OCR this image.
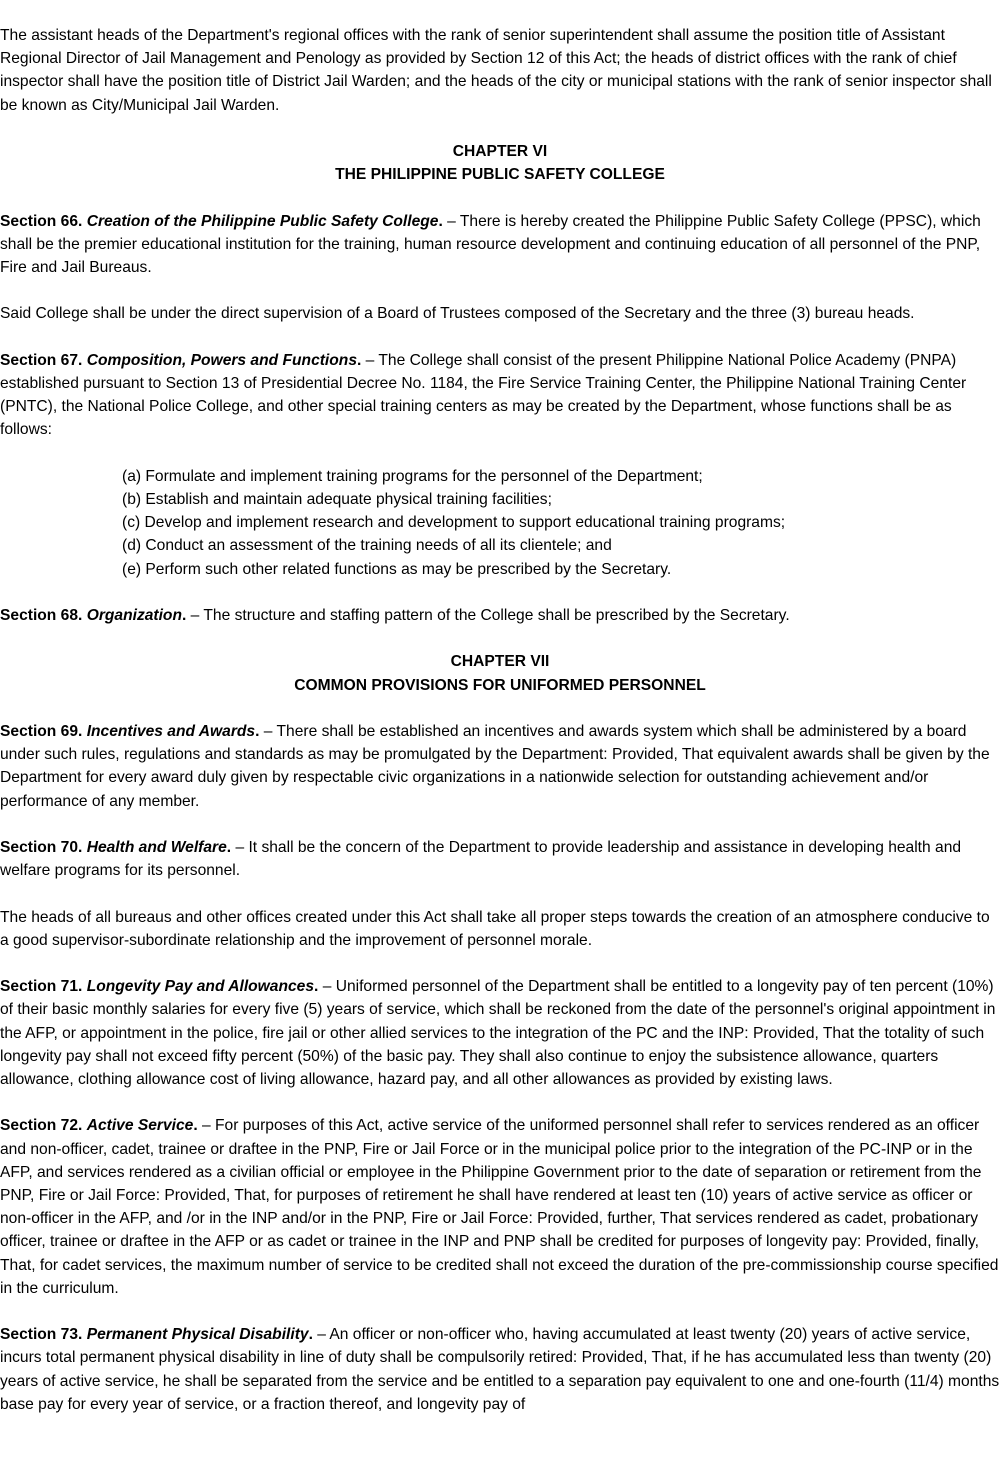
The assistant heads of the Department's regional offices with the rank of senior superintendent shall assume the position title of Assistant Regional Director of Jail Management and Penology as provided by Section 12 of this Act; the heads of district offices with the rank of chief inspector shall have the position title of District Jail Warden; and the heads of the city or municipal stations with the rank of senior inspector shall be known as City/Municipal Jail Warden.

CHAPTER VI
THE PHILIPPINE PUBLIC SAFETY COLLEGE

Section 66. Creation of the Philippine Public Safety College. – There is hereby created the Philippine Public Safety College (PPSC), which shall be the premier educational institution for the training, human resource development and continuing education of all personnel of the PNP, Fire and Jail Bureaus.

Said College shall be under the direct supervision of a Board of Trustees composed of the Secretary and the three (3) bureau heads.

Section 67. Composition, Powers and Functions. – The College shall consist of the present Philippine National Police Academy (PNPA) established pursuant to Section 13 of Presidential Decree No. 1184, the Fire Service Training Center, the Philippine National Training Center (PNTC), the National Police College, and other special training centers as may be created by the Department, whose functions shall be as follows:

(a) Formulate and implement training programs for the personnel of the Department;
(b) Establish and maintain adequate physical training facilities;
(c) Develop and implement research and development to support educational training programs;
(d) Conduct an assessment of the training needs of all its clientele; and
(e) Perform such other related functions as may be prescribed by the Secretary.

Section 68. Organization. – The structure and staffing pattern of the College shall be prescribed by the Secretary.

CHAPTER VII
COMMON PROVISIONS FOR UNIFORMED PERSONNEL

Section 69. Incentives and Awards. – There shall be established an incentives and awards system which shall be administered by a board under such rules, regulations and standards as may be promulgated by the Department: Provided, That equivalent awards shall be given by the Department for every award duly given by respectable civic organizations in a nationwide selection for outstanding achievement and/or performance of any member.

Section 70. Health and Welfare. – It shall be the concern of the Department to provide leadership and assistance in developing health and welfare programs for its personnel.

The heads of all bureaus and other offices created under this Act shall take all proper steps towards the creation of an atmosphere conducive to a good supervisor-subordinate relationship and the improvement of personnel morale.

Section 71. Longevity Pay and Allowances. – Uniformed personnel of the Department shall be entitled to a longevity pay of ten percent (10%) of their basic monthly salaries for every five (5) years of service, which shall be reckoned from the date of the personnel's original appointment in the AFP, or appointment in the police, fire jail or other allied services to the integration of the PC and the INP: Provided, That the totality of such longevity pay shall not exceed fifty percent (50%) of the basic pay. They shall also continue to enjoy the subsistence allowance, quarters allowance, clothing allowance cost of living allowance, hazard pay, and all other allowances as provided by existing laws.

Section 72. Active Service. – For purposes of this Act, active service of the uniformed personnel shall refer to services rendered as an officer and non-officer, cadet, trainee or draftee in the PNP, Fire or Jail Force or in the municipal police prior to the integration of the PC-INP or in the AFP, and services rendered as a civilian official or employee in the Philippine Government prior to the date of separation or retirement from the PNP, Fire or Jail Force: Provided, That, for purposes of retirement he shall have rendered at least ten (10) years of active service as officer or non-officer in the AFP, and /or in the INP and/or in the PNP, Fire or Jail Force: Provided, further, That services rendered as cadet, probationary officer, trainee or draftee in the AFP or as cadet or trainee in the INP and PNP shall be credited for purposes of longevity pay: Provided, finally, That, for cadet services, the maximum number of service to be credited shall not exceed the duration of the pre-commissionship course specified in the curriculum.

Section 73. Permanent Physical Disability. – An officer or non-officer who, having accumulated at least twenty (20) years of active service, incurs total permanent physical disability in line of duty shall be compulsorily retired: Provided, That, if he has accumulated less than twenty (20) years of active service, he shall be separated from the service and be entitled to a separation pay equivalent to one and one-fourth (11/4) months base pay for every year of service, or a fraction thereof, and longevity pay of
